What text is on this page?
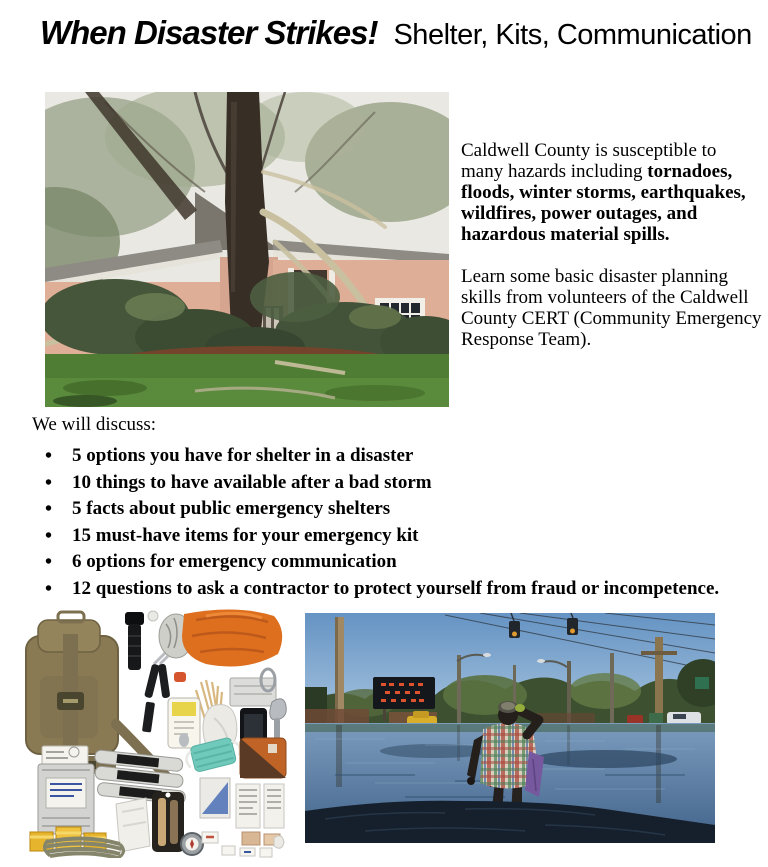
When Disaster Strikes! Shelter, Kits, Communication

Caldwell County is susceptible to many hazards including tornadoes, floods, winter storms, earthquakes, wildfires, power outages, and hazardous material spills.

Learn some basic disaster planning skills from volunteers of the Caldwell County CERT (Community Emergency Response Team).

We will discuss:

• 5 options you have for shelter in a disaster
• 10 things to have available after a bad storm
• 5 facts about public emergency shelters
• 15 must-have items for your emergency kit
• 6 options for emergency communication
• 12 questions to ask a contractor to protect yourself from fraud or incompetence.
